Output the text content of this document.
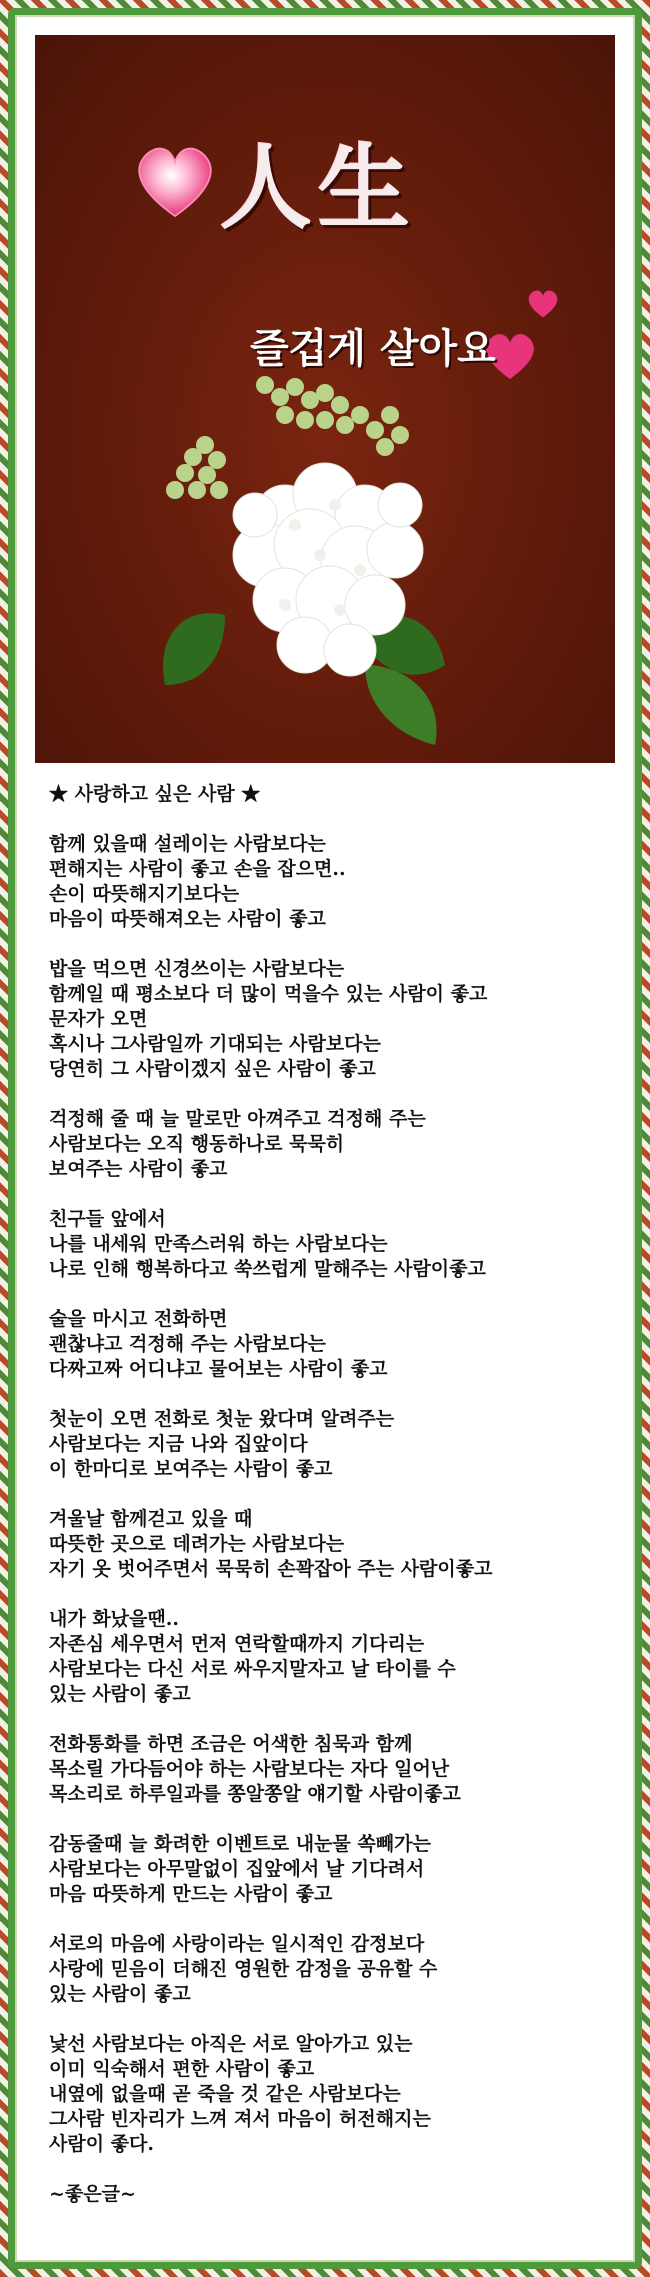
人生
즐겁게 살아요
★ 사랑하고 싶은 사람 ★
함께 있을때 설레이는 사람보다는
편해지는 사람이 좋고 손을 잡으면..
손이 따뜻해지기보다는
마음이 따뜻해져오는 사람이 좋고
밥을 먹으면 신경쓰이는 사람보다는
함께일 때 평소보다 더 많이 먹을수 있는 사람이 좋고
문자가 오면
혹시나 그사람일까 기대되는 사람보다는
당연히 그 사람이겠지 싶은 사람이 좋고
걱정해 줄 때 늘 말로만 아껴주고 걱정해 주는
사람보다는 오직 행동하나로 묵묵히
보여주는 사람이 좋고
친구들 앞에서
나를 내세워 만족스러워 하는 사람보다는
나로 인해 행복하다고 쑥쓰럽게 말해주는 사람이좋고
술을 마시고 전화하면
괜찮냐고 걱정해 주는 사람보다는
다짜고짜 어디냐고 물어보는 사람이 좋고
첫눈이 오면 전화로 첫눈 왔다며 알려주는
사람보다는 지금 나와 집앞이다
이 한마디로 보여주는 사람이 좋고
겨울날 함께걷고 있을 때
따뜻한 곳으로 데려가는 사람보다는
자기 옷 벗어주면서 묵묵히 손꽉잡아 주는 사람이좋고
내가 화났을땐..
자존심 세우면서 먼저 연락할때까지 기다리는
사람보다는 다신 서로 싸우지말자고 날 타이를 수
있는 사람이 좋고
전화통화를 하면 조금은 어색한 침묵과 함께
목소릴 가다듬어야 하는 사람보다는 자다 일어난
목소리로 하루일과를 쫑알쫑알 얘기할 사람이좋고
감동줄때 늘 화려한 이벤트로 내눈물 쏙빼가는
사람보다는 아무말없이 집앞에서 날 기다려서
마음 따뜻하게 만드는 사람이 좋고
서로의 마음에 사랑이라는 일시적인 감정보다
사랑에 믿음이 더해진 영원한 감정을 공유할 수
있는 사람이 좋고
낯선 사람보다는 아직은 서로 알아가고 있는
이미 익숙해서 편한 사람이 좋고
내옆에 없을때 곧 죽을 것 같은 사람보다는
그사람 빈자리가 느껴 져서 마음이 허전해지는
사람이 좋다.
~좋은글~
